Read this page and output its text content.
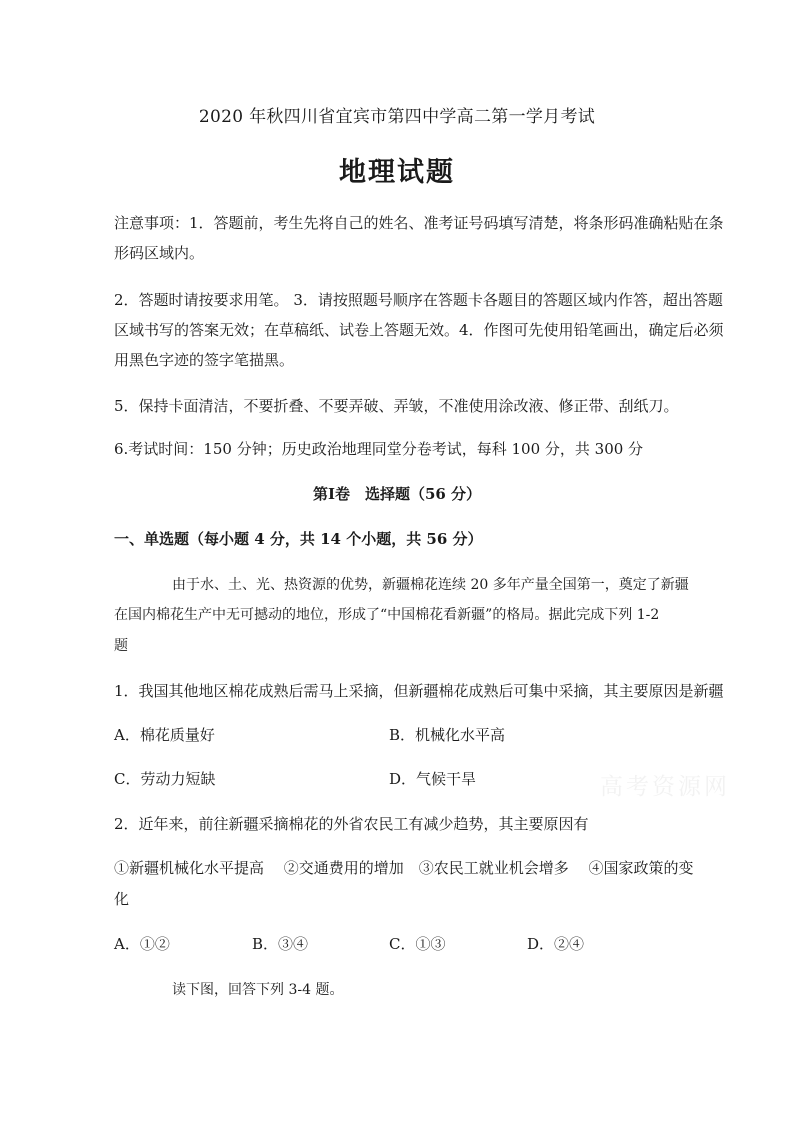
2020 年秋四川省宜宾市第四中学高二第一学月考试
地理试题
注意事项：1．答题前，考生先将自己的姓名、准考证号码填写清楚，将条形码准确粘贴在条
形码区域内。
2．答题时请按要求用笔。 3．请按照题号顺序在答题卡各题目的答题区域内作答，超出答题
区域书写的答案无效；在草稿纸、试卷上答题无效。4．作图可先使用铅笔画出，确定后必须
用黑色字迹的签字笔描黑。
5．保持卡面清洁，不要折叠、不要弄破、弄皱，不准使用涂改液、修正带、刮纸刀。
6.考试时间：150 分钟；历史政治地理同堂分卷考试，每科 100 分，共 300 分
第Ⅰ卷　选择题（56 分）
一、单选题（每小题 4 分，共 14 个小题，共 56 分）
由于水、土、光、热资源的优势，新疆棉花连续 20 多年产量全国第一，奠定了新疆
在国内棉花生产中无可撼动的地位，形成了“中国棉花看新疆”的格局。据此完成下列 1-2
题
1．我国其他地区棉花成熟后需马上采摘，但新疆棉花成熟后可集中采摘，其主要原因是新疆
A．棉花质量好	B．机械化水平高
C．劳动力短缺	D．气候干旱
2．近年来，前往新疆采摘棉花的外省农民工有减少趋势，其主要原因有
①新疆机械化水平提高　 ②交通费用的增加　③农民工就业机会增多　 ④国家政策的变
化
A．①②	B．③④	C．①③	D．②④
读下图，回答下列 3-4 题。
高考资源网
